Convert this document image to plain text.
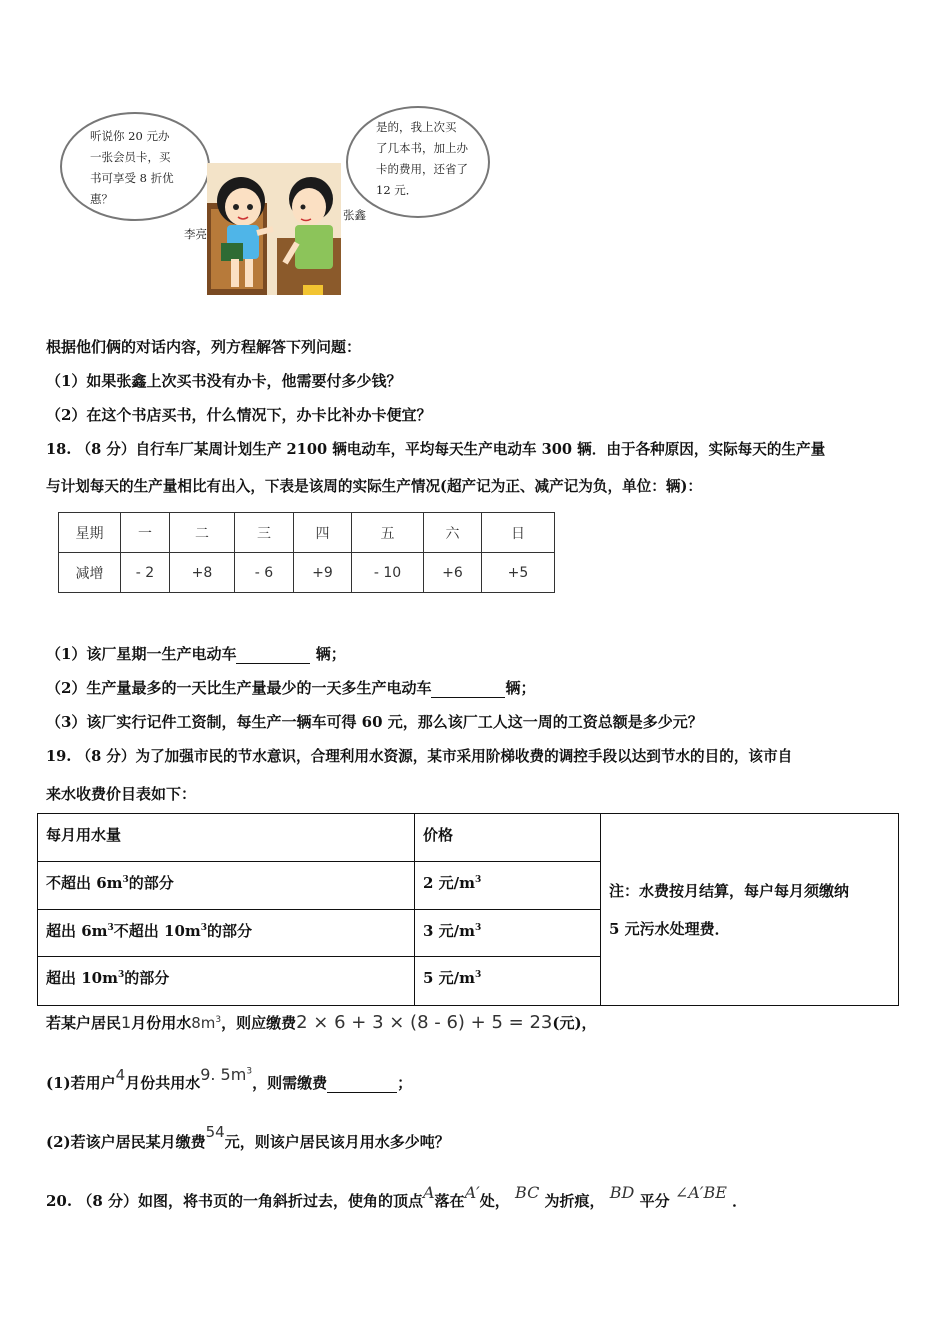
听说你 20 元办
一张会员卡，买
书可享受 8 折优
惠？
是的，我上次买
了几本书，加上办
卡的费用，还省了
12 元．
李亮
张鑫
根据他们俩的对话内容，列方程解答下列问题：
（1）如果张鑫上次买书没有办卡，他需要付多少钱？
（2）在这个书店买书，什么情况下，办卡比补办卡便宜？
18. （8 分）自行车厂某周计划生产 2100 辆电动车，平均每天生产电动车 300 辆．由于各种原因，实际每天的生产量
与计划每天的生产量相比有出入，下表是该周的实际生产情况(超产记为正、减产记为负，单位：辆)：
星期	一	二	三	四	五	六	日
减增	- 2	+8	- 6	+9	- 10	+6	+5
（1）该厂星期一生产电动车	辆；
（2）生产量最多的一天比生产量最少的一天多生产电动车	辆；
（3）该厂实行记件工资制，每生产一辆车可得 60 元，那么该厂工人这一周的工资总额是多少元？
19. （8 分）为了加强市民的节水意识，合理利用水资源，某市采用阶梯收费的调控手段以达到节水的目的，该市自
来水收费价目表如下：
每月用水量	价格
不超出 $6m^3$的部分	2 元$/m^3$
超出 $6m^3$不超出 $10m^3$的部分	3 元$/m^3$
超出 $10m^3$的部分	5 元$/m^3$
注：水费按月结算，每户每月须缴纳
5 元污水处理费．
若某户居民1月份用水$8m^3$，则应缴费2 × 6 + 3 × (8 - 6) + 5 = 23(元)，
(1)若用户4月份共用水9. $5m^3$，则需缴费	；
(2)若该户居民某月缴费54元，则该户居民该月用水多少吨？
20. （8 分）如图，将书页的一角斜折过去，使角的顶点A落在A′处， BC 为折痕， BD 平分 ∠A′BE ．
